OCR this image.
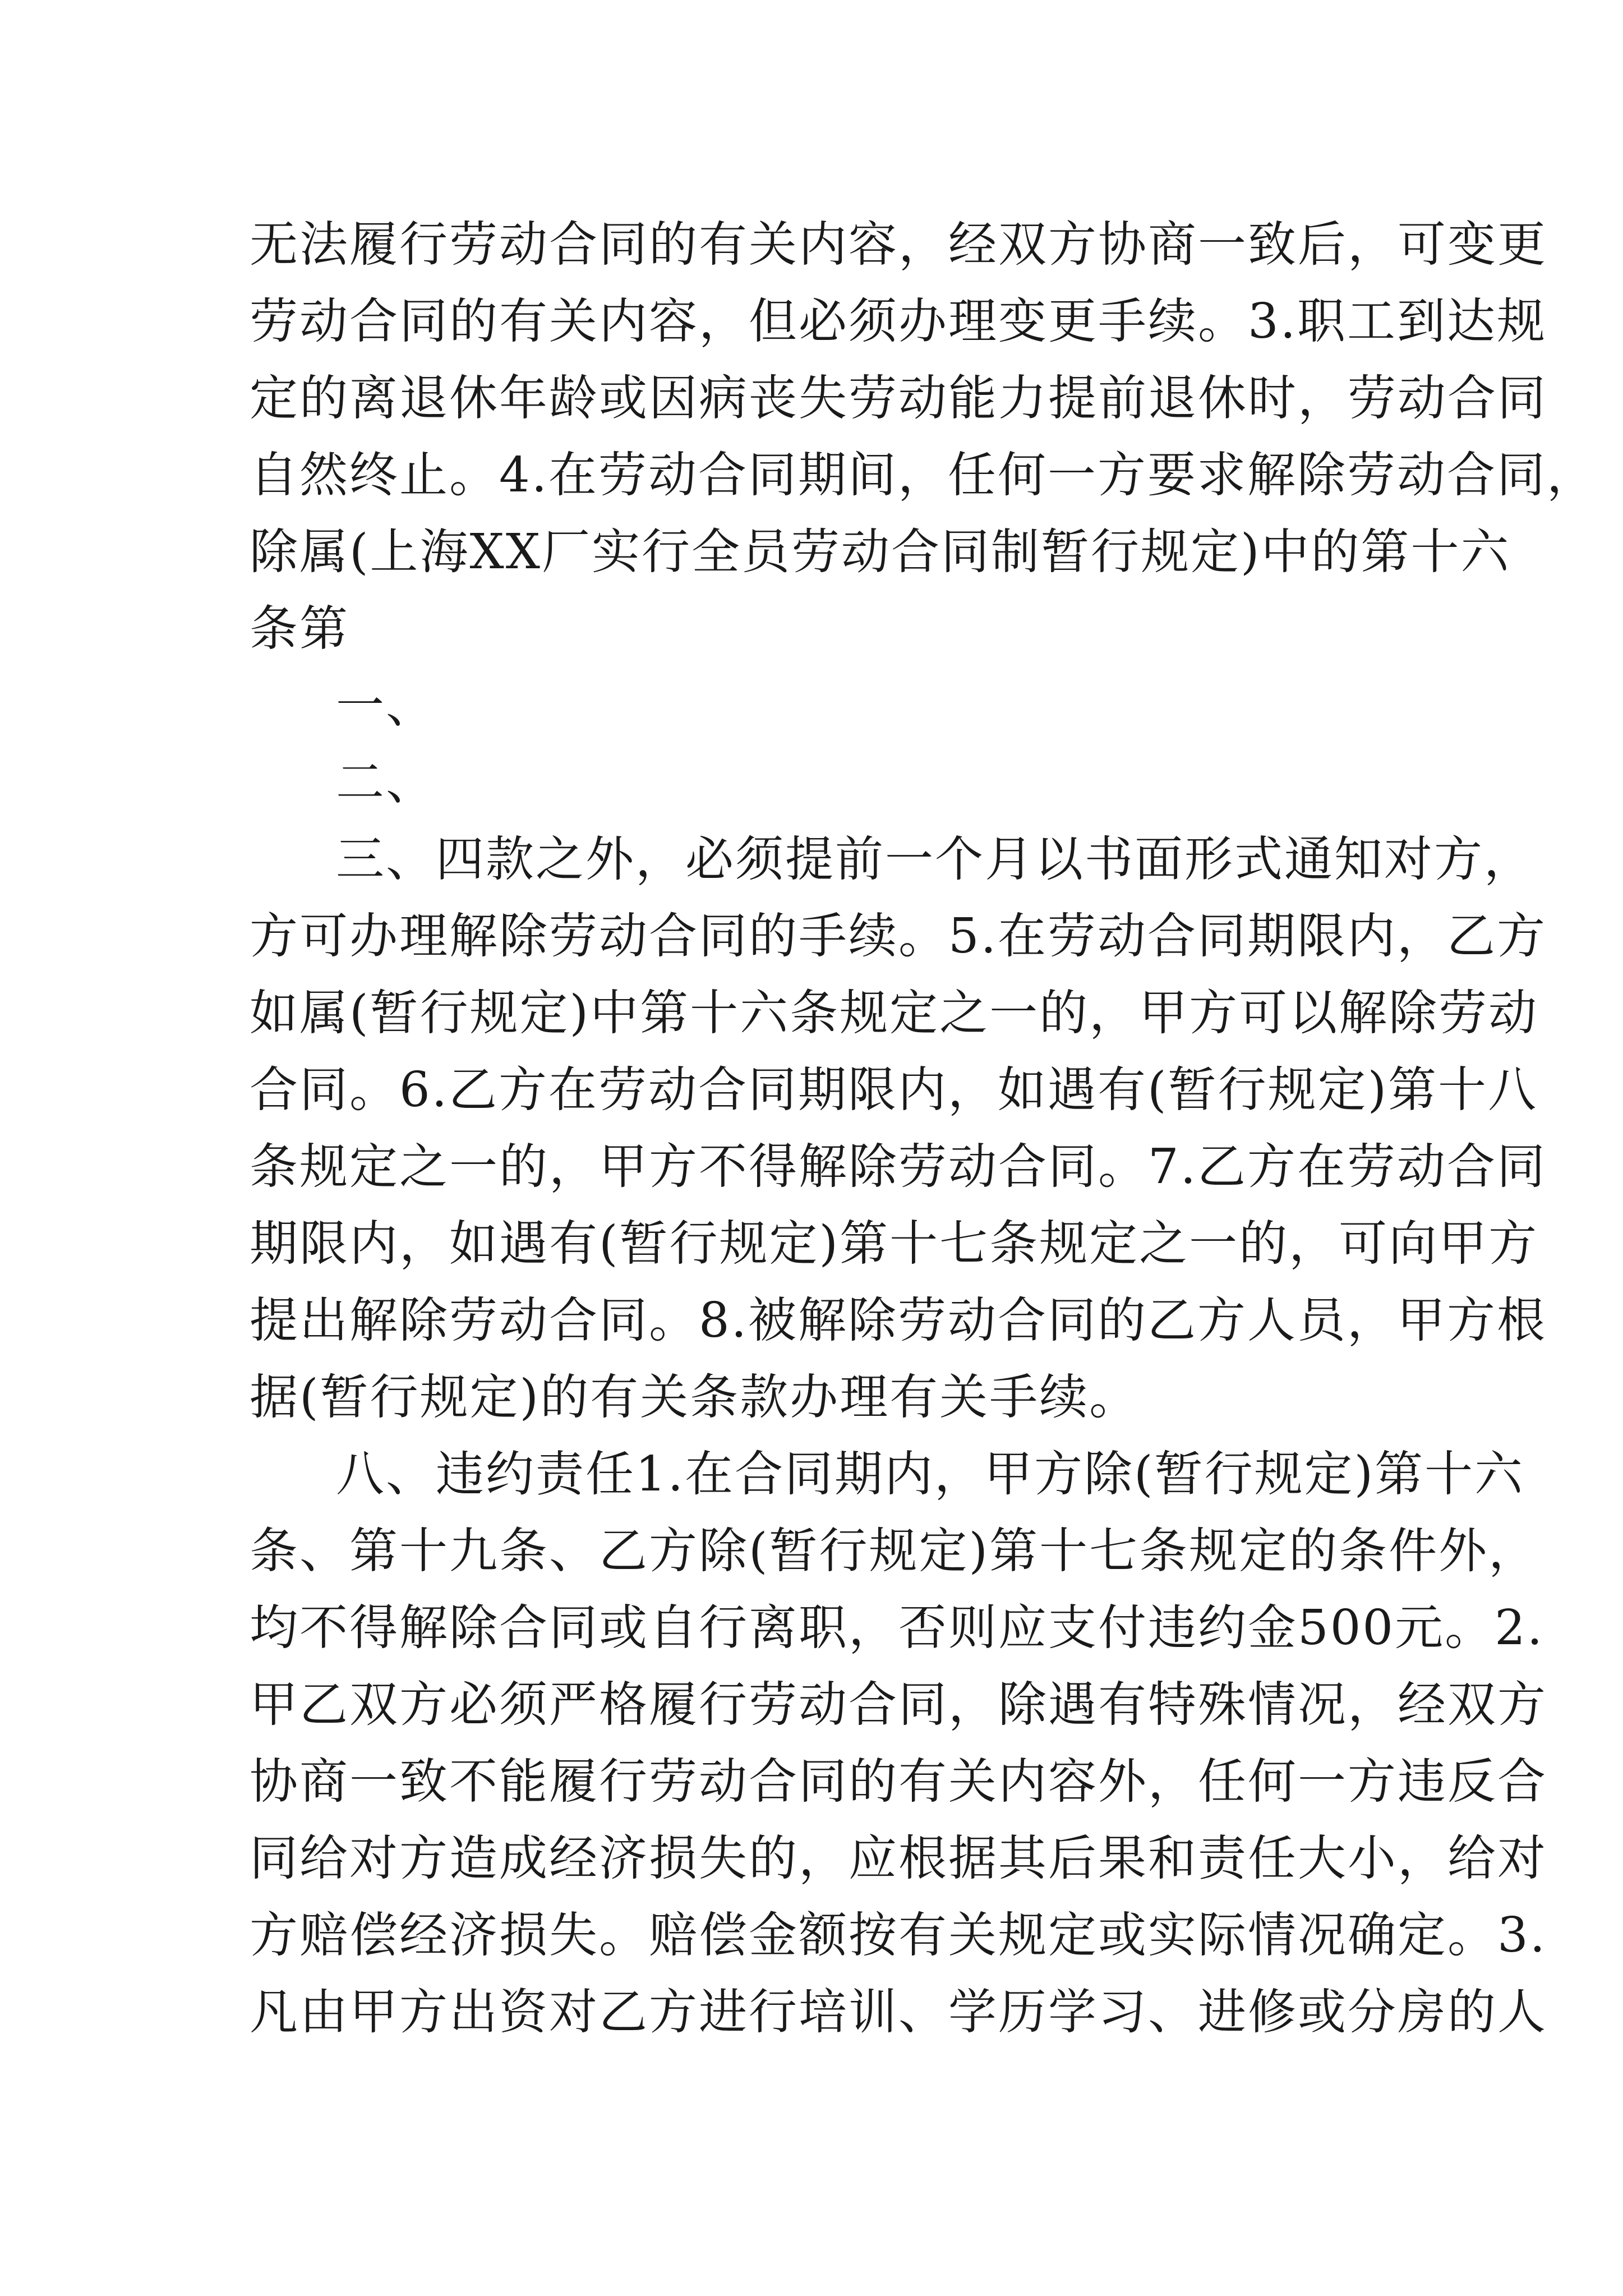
无法履行劳动合同的有关内容，经双方协商一致后，可变更
劳动合同的有关内容，但必须办理变更手续。3.职工到达规
定的离退休年龄或因病丧失劳动能力提前退休时，劳动合同
自然终止。4.在劳动合同期间，任何一方要求解除劳动合同，
除属(上海XX厂实行全员劳动合同制暂行规定)中的第十六
条第
一、
二、
三、四款之外，必须提前一个月以书面形式通知对方，
方可办理解除劳动合同的手续。5.在劳动合同期限内，乙方
如属(暂行规定)中第十六条规定之一的，甲方可以解除劳动
合同。6.乙方在劳动合同期限内，如遇有(暂行规定)第十八
条规定之一的，甲方不得解除劳动合同。7.乙方在劳动合同
期限内，如遇有(暂行规定)第十七条规定之一的，可向甲方
提出解除劳动合同。8.被解除劳动合同的乙方人员，甲方根
据(暂行规定)的有关条款办理有关手续。
八、违约责任1.在合同期内，甲方除(暂行规定)第十六
条、第十九条、乙方除(暂行规定)第十七条规定的条件外，
均不得解除合同或自行离职，否则应支付违约金500元。2.
甲乙双方必须严格履行劳动合同，除遇有特殊情况，经双方
协商一致不能履行劳动合同的有关内容外，任何一方违反合
同给对方造成经济损失的，应根据其后果和责任大小，给对
方赔偿经济损失。赔偿金额按有关规定或实际情况确定。3.
凡由甲方出资对乙方进行培训、学历学习、进修或分房的人
